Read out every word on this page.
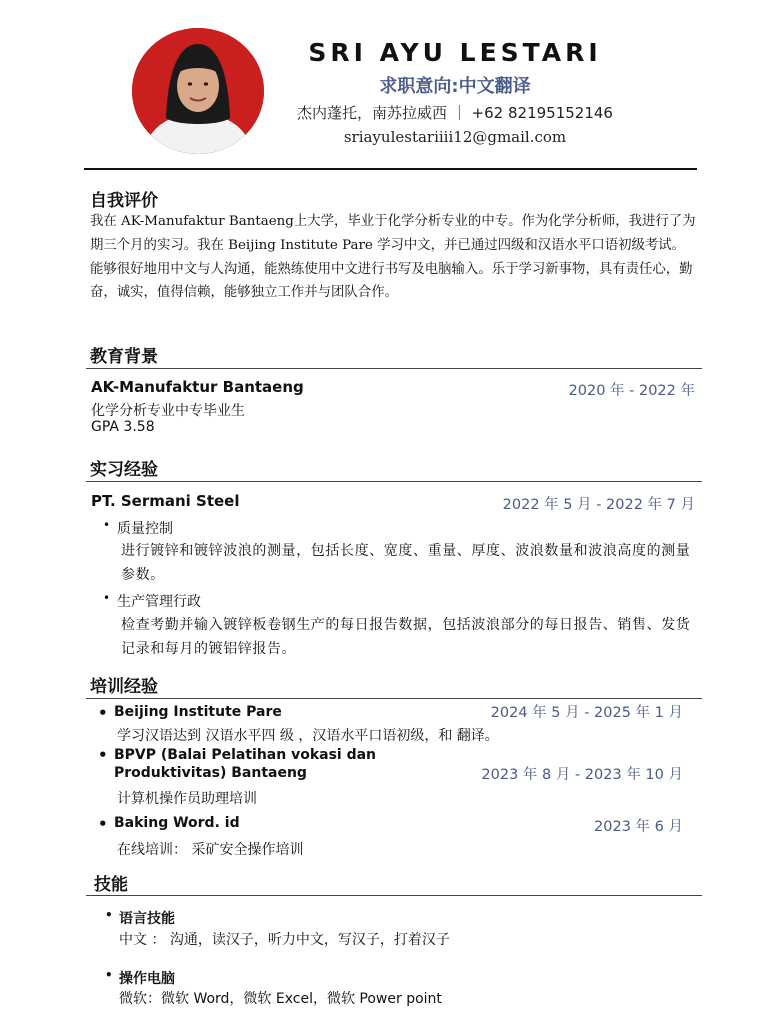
SRI AYU LESTARI
求职意向:中文翻译
杰内蓬托，南苏拉威西 ｜ +62 82195152146
sriayulestariiii12@gmail.com
自我评价
我在 AK-Manufaktur Bantaeng上大学，毕业于化学分析专业的中专。作为化学分析师，我进行了为期三个月的实习。我在 Beijing Institute Pare 学习中文，并已通过四级和汉语水平口语初级考试。能够很好地用中文与人沟通，能熟练使用中文进行书写及电脑输入。乐于学习新事物，具有责任心，勤奋，诚实，值得信赖，能够独立工作并与团队合作。
教育背景
AK-Manufaktur Bantaeng	2020 年 - 2022 年
化学分析专业中专毕业生
GPA 3.58
实习经验
PT. Sermani Steel	2022 年 5 月 - 2022 年 7 月
• 质量控制
进行镀锌和镀锌波浪的测量，包括长度、宽度、重量、厚度、波浪数量和波浪高度的测量参数。
• 生产管理行政
检查考勤并输入镀锌板卷钢生产的每日报告数据，包括波浪部分的每日报告、销售、发货记录和每月的镀铝锌报告。
培训经验
• Beijing Institute Pare	2024 年 5 月 - 2025 年 1 月
学习汉语达到 汉语水平四 级 ，汉语水平口语初级，和 翻译。
• BPVP (Balai Pelatihan vokasi dan Produktivitas) Bantaeng	2023 年 8 月 - 2023 年 10 月
计算机操作员助理培训
• Baking Word. id	2023 年 6 月
在线培训： 采矿安全操作培训
技能
• 语言技能
中文 ： 沟通，读汉子，听力中文，写汉子，打着汉子
• 操作电脑
微软：微软 Word，微软 Excel，微软 Power point
